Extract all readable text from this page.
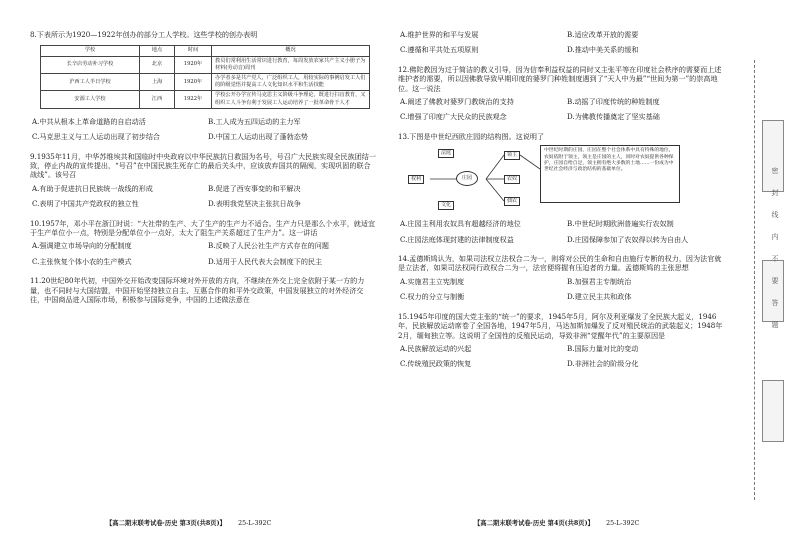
8.下表所示为1920—1922年创办的部分工人学校。这些学校的创办表明

学校	地点	时间	概况
长辛店劳动补习学校	北京	1920年	教员们常利用生活常识进行教育，每周发放农家共产主义小册子为材料(劳动音)周刊
沪西工人半日学校	上海	1920年	办学者多是共产党人，广泛组织工人，用较实际的事例启发工人们的阶级觉悟并提高工人文化知识水平和生活技能
安源工人学校	江西	1922年	学校公开办学宣传马克思主义阶级斗争理论，既进行扫盲教育，又组织工人斗争有利于发展工人运动培养了一批革命骨干人才
A.中共从根本上革命道路的自启动活	B.工人成为五四运动的主力军
C.马克思主义与工人运动出现了初步结合	D.中国工人运动出现了蓬勃态势

9.1935年11月，中华苏维埃共和国临时中央政府以中华民族抗日救国为名号，号召广大民族实现全民族团结一致，停止内战的宣传提出，“号召”在中国民族生死存亡的最后关头中，应该放弃国共的隔阂，实现巩固的联合战线”。该号召

A.有助于促进抗日民族统一战线的形成	B.促进了西安事变的和平解决
C.表明了中国共产党政权的独立性	D.表明我党坚决主张抗日战争

10.1957年，邓小平在浙江时说：“大社带的生产、大了生产的生产力不适合。生产力只是那么个水平，就适宜于生产单位小一点，特别是分配单位小一点好，太大了阻生产关系超过了生产力”。这一讲话

A.强调建立市场导向的分配制度	B.反映了人民公社生产方式存在的问题
C.主张恢复个体小农的生产模式	D.适用于人民代表大会制度下的民主

11.20世纪80年代初，中国外交开始改变国际环境对外开放的方向，不继续在外交上完全依附于某一方的力量，也不同时与大国结盟，中国开始坚持独立自主、互惠合作的和平外交政策，中国发展独立的对外经济交往，中国商品进入国际市场，积极参与国际竞争，中国的上述做法意在

【高二期末联考试卷·历史 第3页(共8页)】 25-L-392C
A.维护世界的和平与发展	B.适应改革开放的需要
C.遵循和平共处五项原则	D.推动中美关系的缓和

12.佛陀教因为过于简洁的教义引导，因为信奉利益权益的同时又主张平等在印度社会秩序的需要而上述维护者的需要，所以因佛教导致早期印度的婆罗门种姓制度遇到了“天人中为最”“世间为第一”的崇高地位。这一说法

A.阐述了佛教对婆罗门教统治的支持	B.动摇了印度传统的种姓制度
C.增强了印度广大民众的民族观念	D.为佛教传播奠定了坚实基础

13.下图是中世纪西欧庄园的结构图。这说明了

权利	庄园
领主
农奴
佃农
法庭
文化
中世纪时期的庄园，庄园在整个社会体系中具有特殊的地位，农奴依附于领主，领主是庄园的主人，同时对农奴提供各种保护，庄园自给自足，领主拥有绝大多数的土地……一份成为中世纪社会经济与政治结构的基础单位。
A.庄园主利用农奴具有超越经济的地位	B.中世纪时期欧洲普遍实行农奴制
C.庄园法庭体现封建的法律制度权益	D.庄园保障参加了农奴得以转为自由人

14.孟德斯鸠认为，如果司法权立法权合二为一，则将对公民的生命和自由施行专断的权力，因为法官就是立法者，如果司法权同行政权合二为一，法官便将握有压迫者的力量。孟德斯鸠的主张思想

A.实施君主立宪制度	B.加强君主专制统治
C.权力的分立与制衡	D.建立民主共和政体

15.1945年印度的国大党主张的“统一”的要求，1945年5月，阿尔及利亚爆发了全民族大起义，1946年，民族解放运动席卷了全国各地，1947年5月，马达加斯加爆发了反对殖民统治的武装起义；1948年2月，缅甸独立等。这说明了全国性的反殖民运动，导致非洲“觉醒年代”的主要原因是

A.民族解放运动的兴起	B.国际力量对比的变动
C.传统殖民政策的恢复	D.非洲社会的阶级分化
【高二期末联考试卷·历史 第4页(共8页)】 25-L-392C
密
封
线
内
不
要
答
题
